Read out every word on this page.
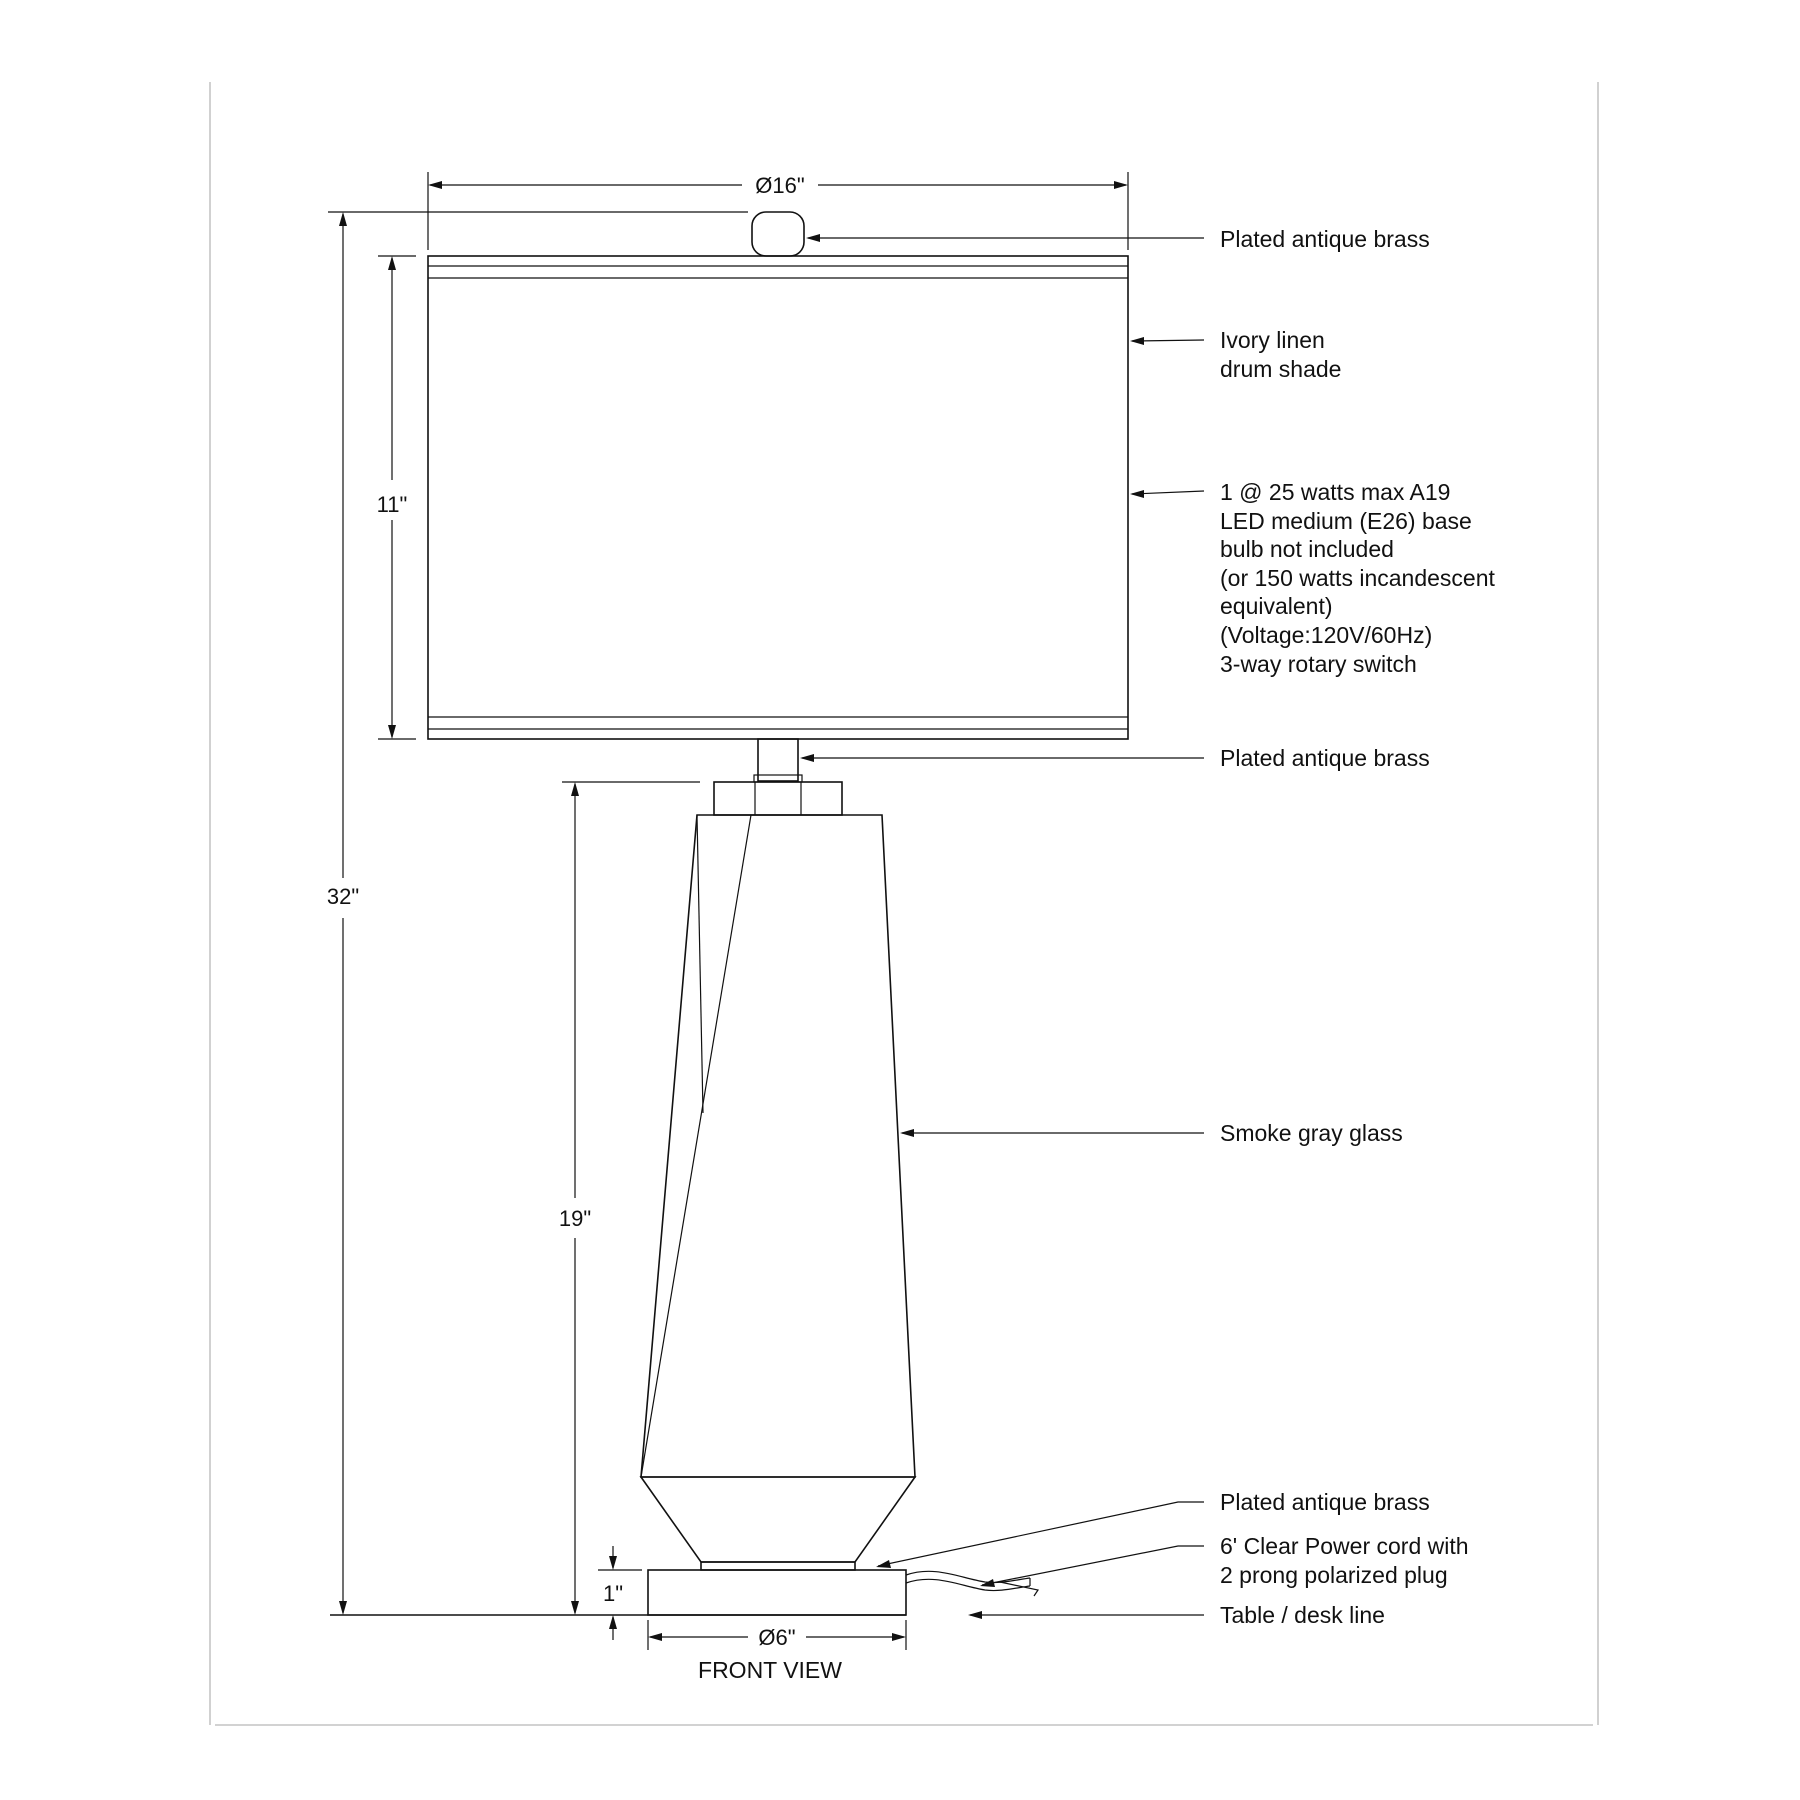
Ø16"
32"
11"
19"
1"
Ø6"
FRONT VIEW
Plated antique brass
Ivory linen drum shade
1 @ 25 watts max A19 LED medium (E26) base bulb not included (or 150 watts incandescent equivalent) (Voltage:120V/60Hz) 3-way rotary switch
Plated antique brass
Smoke gray glass
Plated antique brass
6' Clear Power cord with 2 prong polarized plug
Table / desk line
